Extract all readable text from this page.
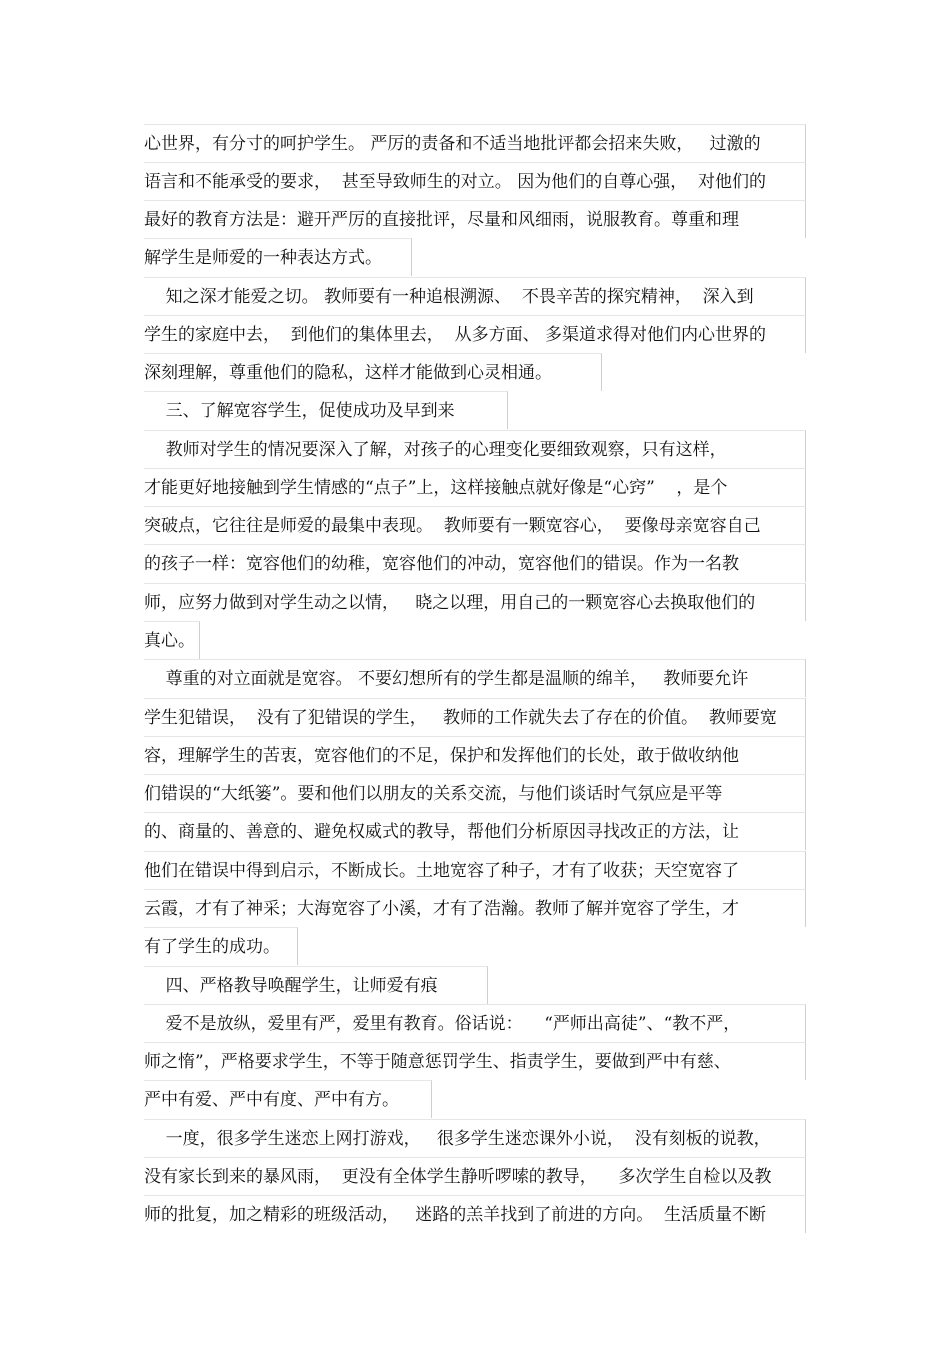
心世界，有分寸的呵护学生。 严厉的责备和不适当地批评都会招来失败，   过激的
语言和不能承受的要求，  甚至导致师生的对立。 因为他们的自尊心强，  对他们的
最好的教育方法是：避开严厉的直接批评，尽量和风细雨，说服教育。尊重和理
解学生是师爱的一种表达方式。
知之深才能爱之切。 教师要有一种追根溯源、  不畏辛苦的探究精神，  深入到
学生的家庭中去，  到他们的集体里去，  从多方面、 多渠道求得对他们内心世界的
深刻理解，尊重他们的隐私，这样才能做到心灵相通。
三、了解宽容学生，促使成功及早到来
教师对学生的情况要深入了解，对孩子的心理变化要细致观察，只有这样，
才能更好地接触到学生情感的“点子”上，这样接触点就好像是“心窍”    ，是个
突破点，它往往是师爱的最集中表现。  教师要有一颗宽容心，  要像母亲宽容自己
的孩子一样：宽容他们的幼稚，宽容他们的冲动，宽容他们的错误。作为一名教
师，应努力做到对学生动之以情，   晓之以理，用自己的一颗宽容心去换取他们的
真心。
尊重的对立面就是宽容。 不要幻想所有的学生都是温顺的绵羊，   教师要允许
学生犯错误，  没有了犯错误的学生，   教师的工作就失去了存在的价值。  教师要宽
容，理解学生的苦衷，宽容他们的不足，保护和发挥他们的长处，敢于做收纳他
们错误的“大纸篓”。要和他们以朋友的关系交流，与他们谈话时气氛应是平等
的、商量的、善意的、避免权威式的教导，帮他们分析原因寻找改正的方法，让
他们在错误中得到启示，不断成长。土地宽容了种子，才有了收获；天空宽容了
云霞，才有了神采；大海宽容了小溪，才有了浩瀚。教师了解并宽容了学生，才
有了学生的成功。
四、严格教导唤醒学生，让师爱有痕
爱不是放纵，爱里有严，爱里有教育。俗话说：    “严师出高徒”、“教不严，
师之惰”，严格要求学生，不等于随意惩罚学生、指责学生，要做到严中有慈、
严中有爱、严中有度、严中有方。
一度，很多学生迷恋上网打游戏，   很多学生迷恋课外小说，  没有刻板的说教，
没有家长到来的暴风雨，  更没有全体学生静听啰嗦的教导，    多次学生自检以及教
师的批复，加之精彩的班级活动，   迷路的羔羊找到了前进的方向。  生活质量不断
